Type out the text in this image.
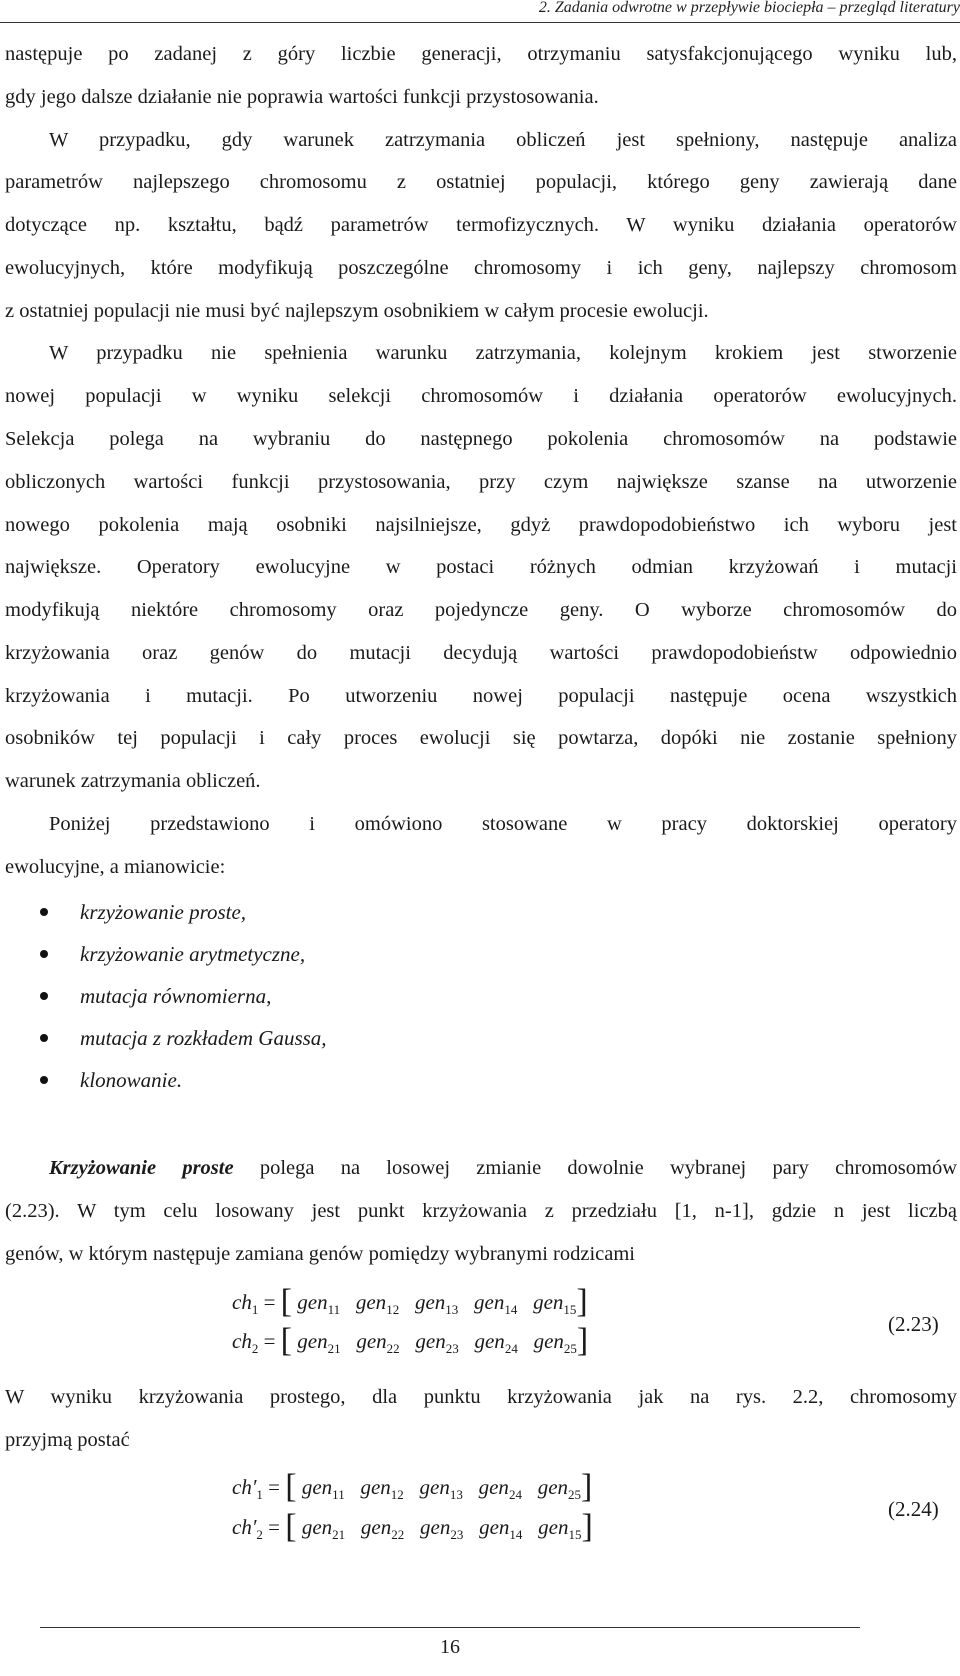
2. Zadania odwrotne w przepływie biociepła – przegląd literatury
następuje po zadanej z góry liczbie generacji, otrzymaniu satysfakcjonującego wyniku lub,
gdy jego dalsze działanie nie poprawia wartości funkcji przystosowania.
W przypadku, gdy warunek zatrzymania obliczeń jest spełniony, następuje analiza
parametrów najlepszego chromosomu z ostatniej populacji, którego geny zawierają dane
dotyczące np. kształtu, bądź parametrów termofizycznych. W wyniku działania operatorów
ewolucyjnych, które modyfikują poszczególne chromosomy i ich geny, najlepszy chromosom
z ostatniej populacji nie musi być najlepszym osobnikiem w całym procesie ewolucji.
W przypadku nie spełnienia warunku zatrzymania, kolejnym krokiem jest stworzenie
nowej populacji w wyniku selekcji chromosomów i działania operatorów ewolucyjnych.
Selekcja polega na wybraniu do następnego pokolenia chromosomów na podstawie
obliczonych wartości funkcji przystosowania, przy czym największe szanse na utworzenie
nowego pokolenia mają osobniki najsilniejsze, gdyż prawdopodobieństwo ich wyboru jest
największe. Operatory ewolucyjne w postaci różnych odmian krzyżowań i mutacji
modyfikują niektóre chromosomy oraz pojedyncze geny. O wyborze chromosomów do
krzyżowania oraz genów do mutacji decydują wartości prawdopodobieństw odpowiednio
krzyżowania i mutacji. Po utworzeniu nowej populacji następuje ocena wszystkich
osobników tej populacji i cały proces ewolucji się powtarza, dopóki nie zostanie spełniony
warunek zatrzymania obliczeń.
Poniżej przedstawiono i omówiono stosowane w pracy doktorskiej operatory
ewolucyjne, a mianowicie:
krzyżowanie proste,
krzyżowanie arytmetyczne,
mutacja równomierna,
mutacja z rozkładem Gaussa,
klonowanie.
Krzyżowanie proste polega na losowej zmianie dowolnie wybranej pary chromosomów
(2.23). W tym celu losowany jest punkt krzyżowania z przedziału [1, n-1], gdzie n jest liczbą
genów, w którym następuje zamiana genów pomiędzy wybranymi rodzicami
$ch_1$ = [ gen$_{11}$ gen$_{12}$ gen$_{13}$ gen$_{14}$ gen$_{15}$]
$ch_2$ = [ gen$_{21}$ gen$_{22}$ gen$_{23}$ gen$_{24}$ gen$_{25}$]	(2.23)
W wyniku krzyżowania prostego, dla punktu krzyżowania jak na rys. 2.2, chromosomy
przyjmą postać
$ch'_1$ = [ gen$_{11}$ gen$_{12}$ gen$_{13}$ gen$_{24}$ gen$_{25}$]
$ch'_2$ = [ gen$_{21}$ gen$_{22}$ gen$_{23}$ gen$_{14}$ gen$_{15}$]	(2.24)
16
